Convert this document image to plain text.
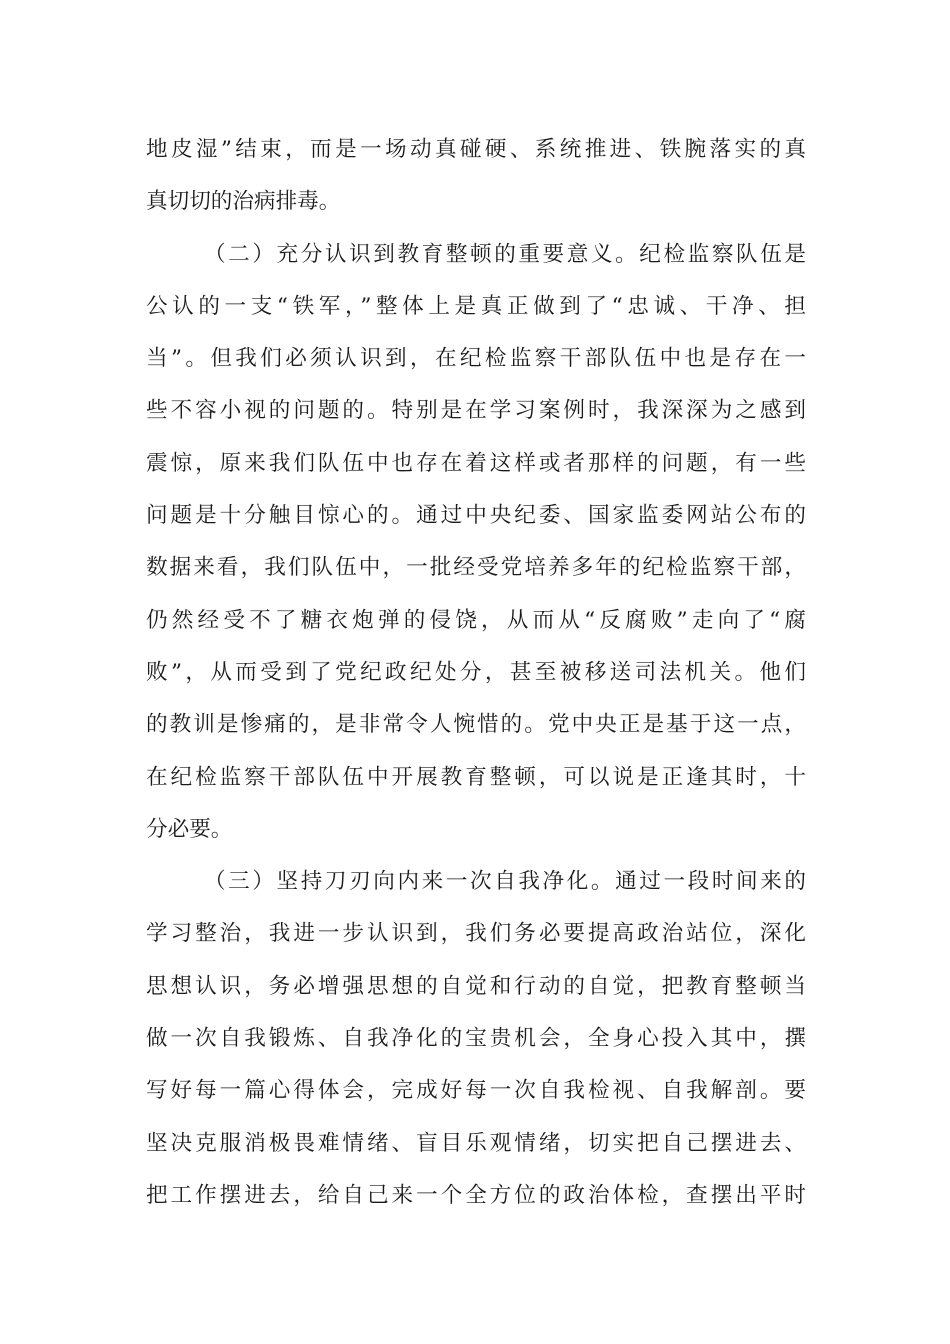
地皮湿”结束，而是一场动真碰硬、系统推进、铁腕落实的真
真切切的治病排毒。
（二）充分认识到教育整顿的重要意义。纪检监察队伍是
公认的一支“铁军，”整体上是真正做到了“忠诚、干净、担
当”。但我们必须认识到，在纪检监察干部队伍中也是存在一
些不容小视的问题的。特别是在学习案例时，我深深为之感到
震惊，原来我们队伍中也存在着这样或者那样的问题，有一些
问题是十分触目惊心的。通过中央纪委、国家监委网站公布的
数据来看，我们队伍中，一批经受党培养多年的纪检监察干部，
仍然经受不了糖衣炮弹的侵饶，从而从“反腐败”走向了“腐
败”，从而受到了党纪政纪处分，甚至被移送司法机关。他们
的教训是惨痛的，是非常令人惋惜的。党中央正是基于这一点，
在纪检监察干部队伍中开展教育整顿，可以说是正逢其时，十
分必要。
（三）坚持刀刃向内来一次自我净化。通过一段时间来的
学习整治，我进一步认识到，我们务必要提高政治站位，深化
思想认识，务必增强思想的自觉和行动的自觉，把教育整顿当
做一次自我锻炼、自我净化的宝贵机会，全身心投入其中，撰
写好每一篇心得体会，完成好每一次自我检视、自我解剖。要
坚决克服消极畏难情绪、盲目乐观情绪，切实把自己摆进去、
把工作摆进去，给自己来一个全方位的政治体检，查摆出平时
